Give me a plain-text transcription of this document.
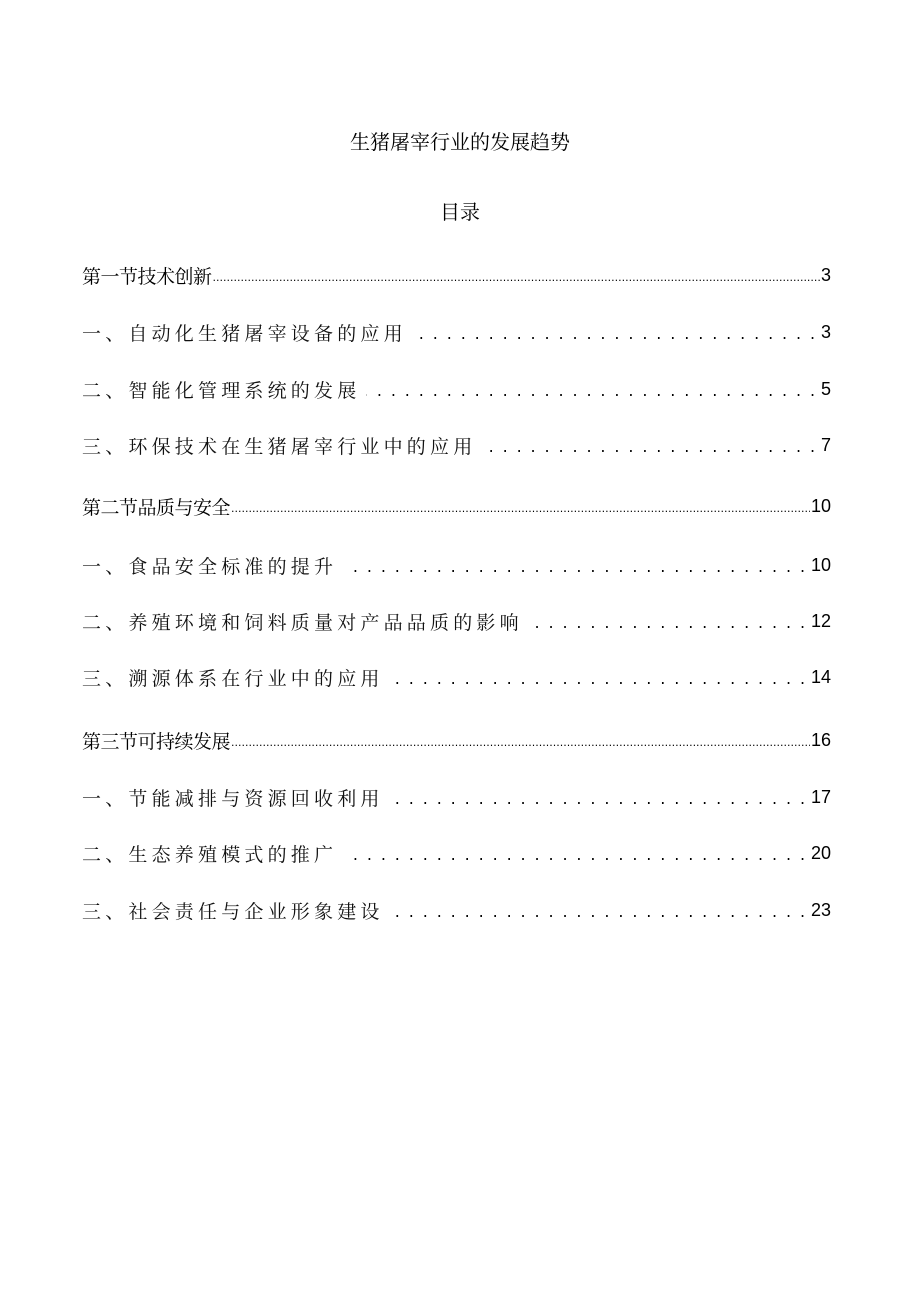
生猪屠宰行业的发展趋势
目录
第一节技术创新 .....	3
一、自动化生猪屠宰设备的应用 . . .	3
二、智能化管理系统的发展 . . .	5
三、环保技术在生猪屠宰行业中的应用 . . .	7
第二节品质与安全 .....	10
一、食品安全标准的提升 . . .	10
二、养殖环境和饲料质量对产品品质的影响 . . .	12
三、溯源体系在行业中的应用 . . .	14
第三节可持续发展 .....	16
一、节能减排与资源回收利用 . . .	17
二、生态养殖模式的推广 . . .	20
三、社会责任与企业形象建设 . . .	23
